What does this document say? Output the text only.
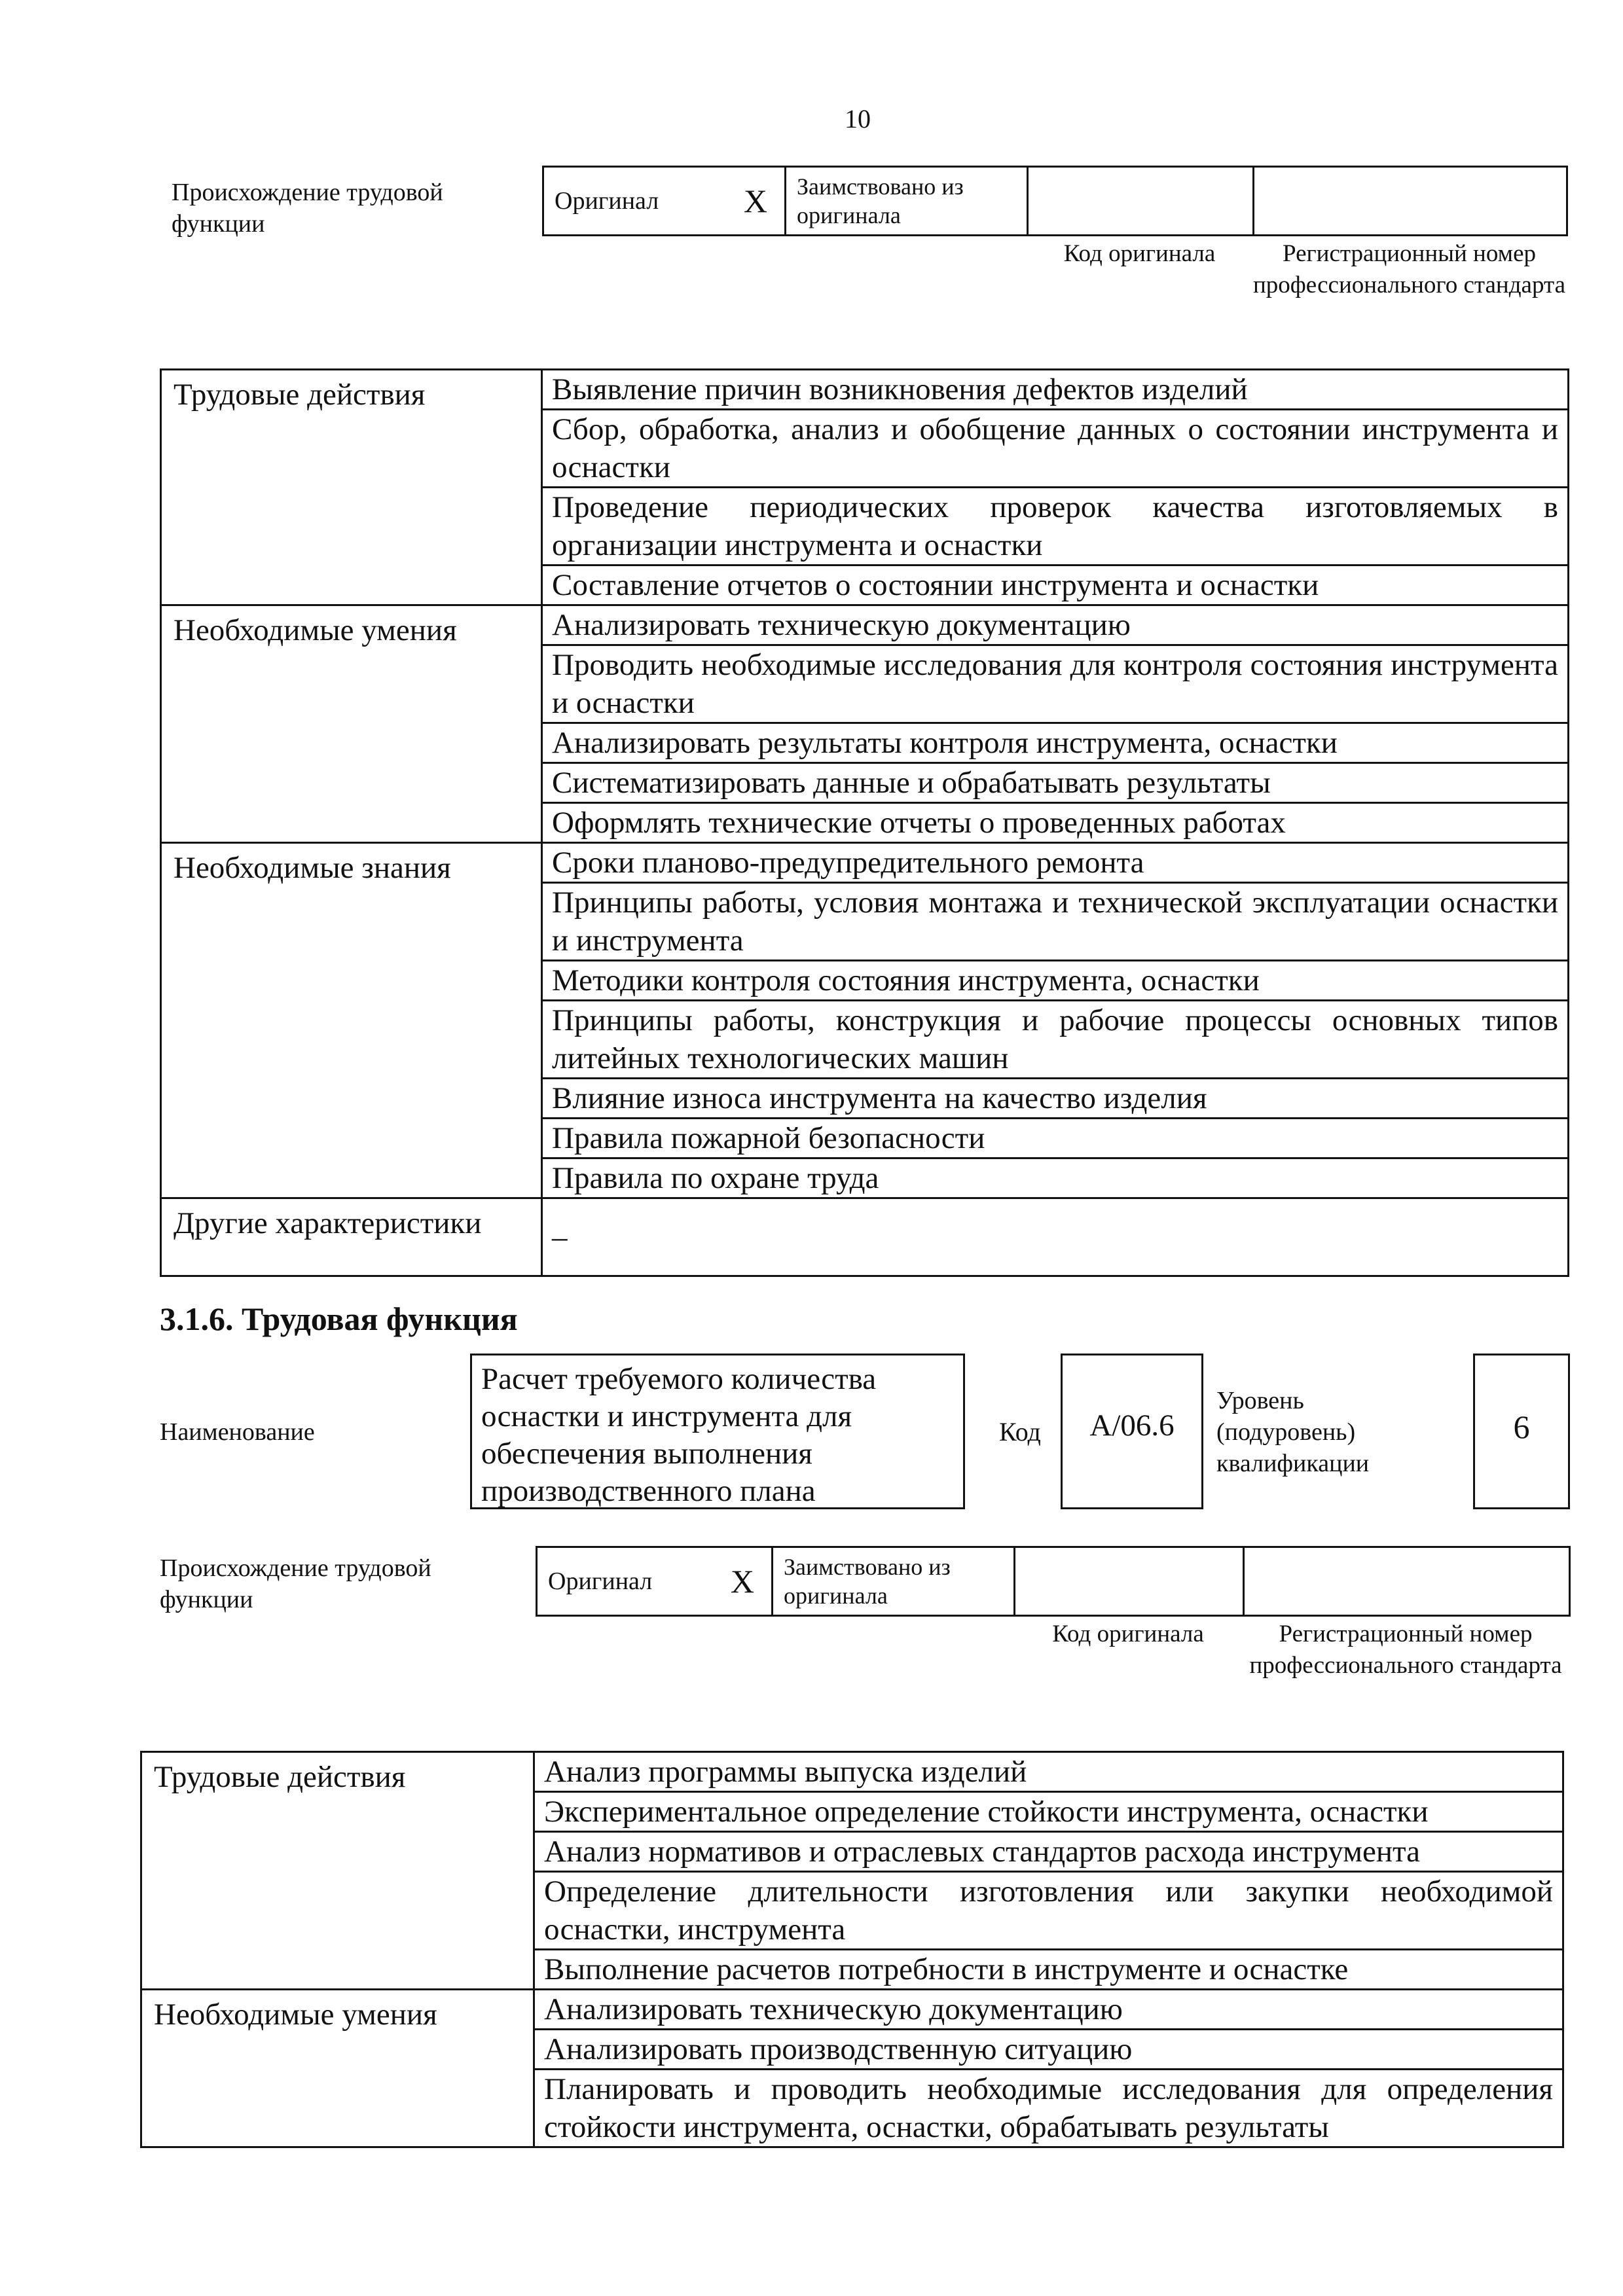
10
Происхождение трудовой функции
Оригинал	X	Заимствовано из оригинала		
Код оригинала	Регистрационный номер профессионального стандарта
Трудовые действия	Выявление причин возникновения дефектов изделий
	Сбор, обработка, анализ и обобщение данных о состоянии инструмента и оснастки
	Проведение периодических проверок качества изготовляемых в организации инструмента и оснастки
	Составление отчетов о состоянии инструмента и оснастки
Необходимые умения	Анализировать техническую документацию
	Проводить необходимые исследования для контроля состояния инструмента и оснастки
	Анализировать результаты контроля инструмента, оснастки
	Систематизировать данные и обрабатывать результаты
	Оформлять технические отчеты о проведенных работах
Необходимые знания	Сроки планово-предупредительного ремонта
	Принципы работы, условия монтажа и технической эксплуатации оснастки и инструмента
	Методики контроля состояния инструмента, оснастки
	Принципы работы, конструкция и рабочие процессы основных типов литейных технологических машин
	Влияние износа инструмента на качество изделия
	Правила пожарной безопасности
	Правила по охране труда
Другие характеристики	–
3.1.6. Трудовая функция
Наименование
Расчет требуемого количества оснастки и инструмента для обеспечения выполнения производственного плана
Код	А/06.6
Уровень (подуровень) квалификации
6
Происхождение трудовой функции
Оригинал	X	Заимствовано из оригинала		
Код оригинала	Регистрационный номер профессионального стандарта
Трудовые действия	Анализ программы выпуска изделий
	Экспериментальное определение стойкости инструмента, оснастки
	Анализ нормативов и отраслевых стандартов расхода инструмента
	Определение длительности изготовления или закупки необходимой оснастки, инструмента
	Выполнение расчетов потребности в инструменте и оснастке
Необходимые умения	Анализировать техническую документацию
	Анализировать производственную ситуацию
	Планировать и проводить необходимые исследования для определения стойкости инструмента, оснастки, обрабатывать результаты
